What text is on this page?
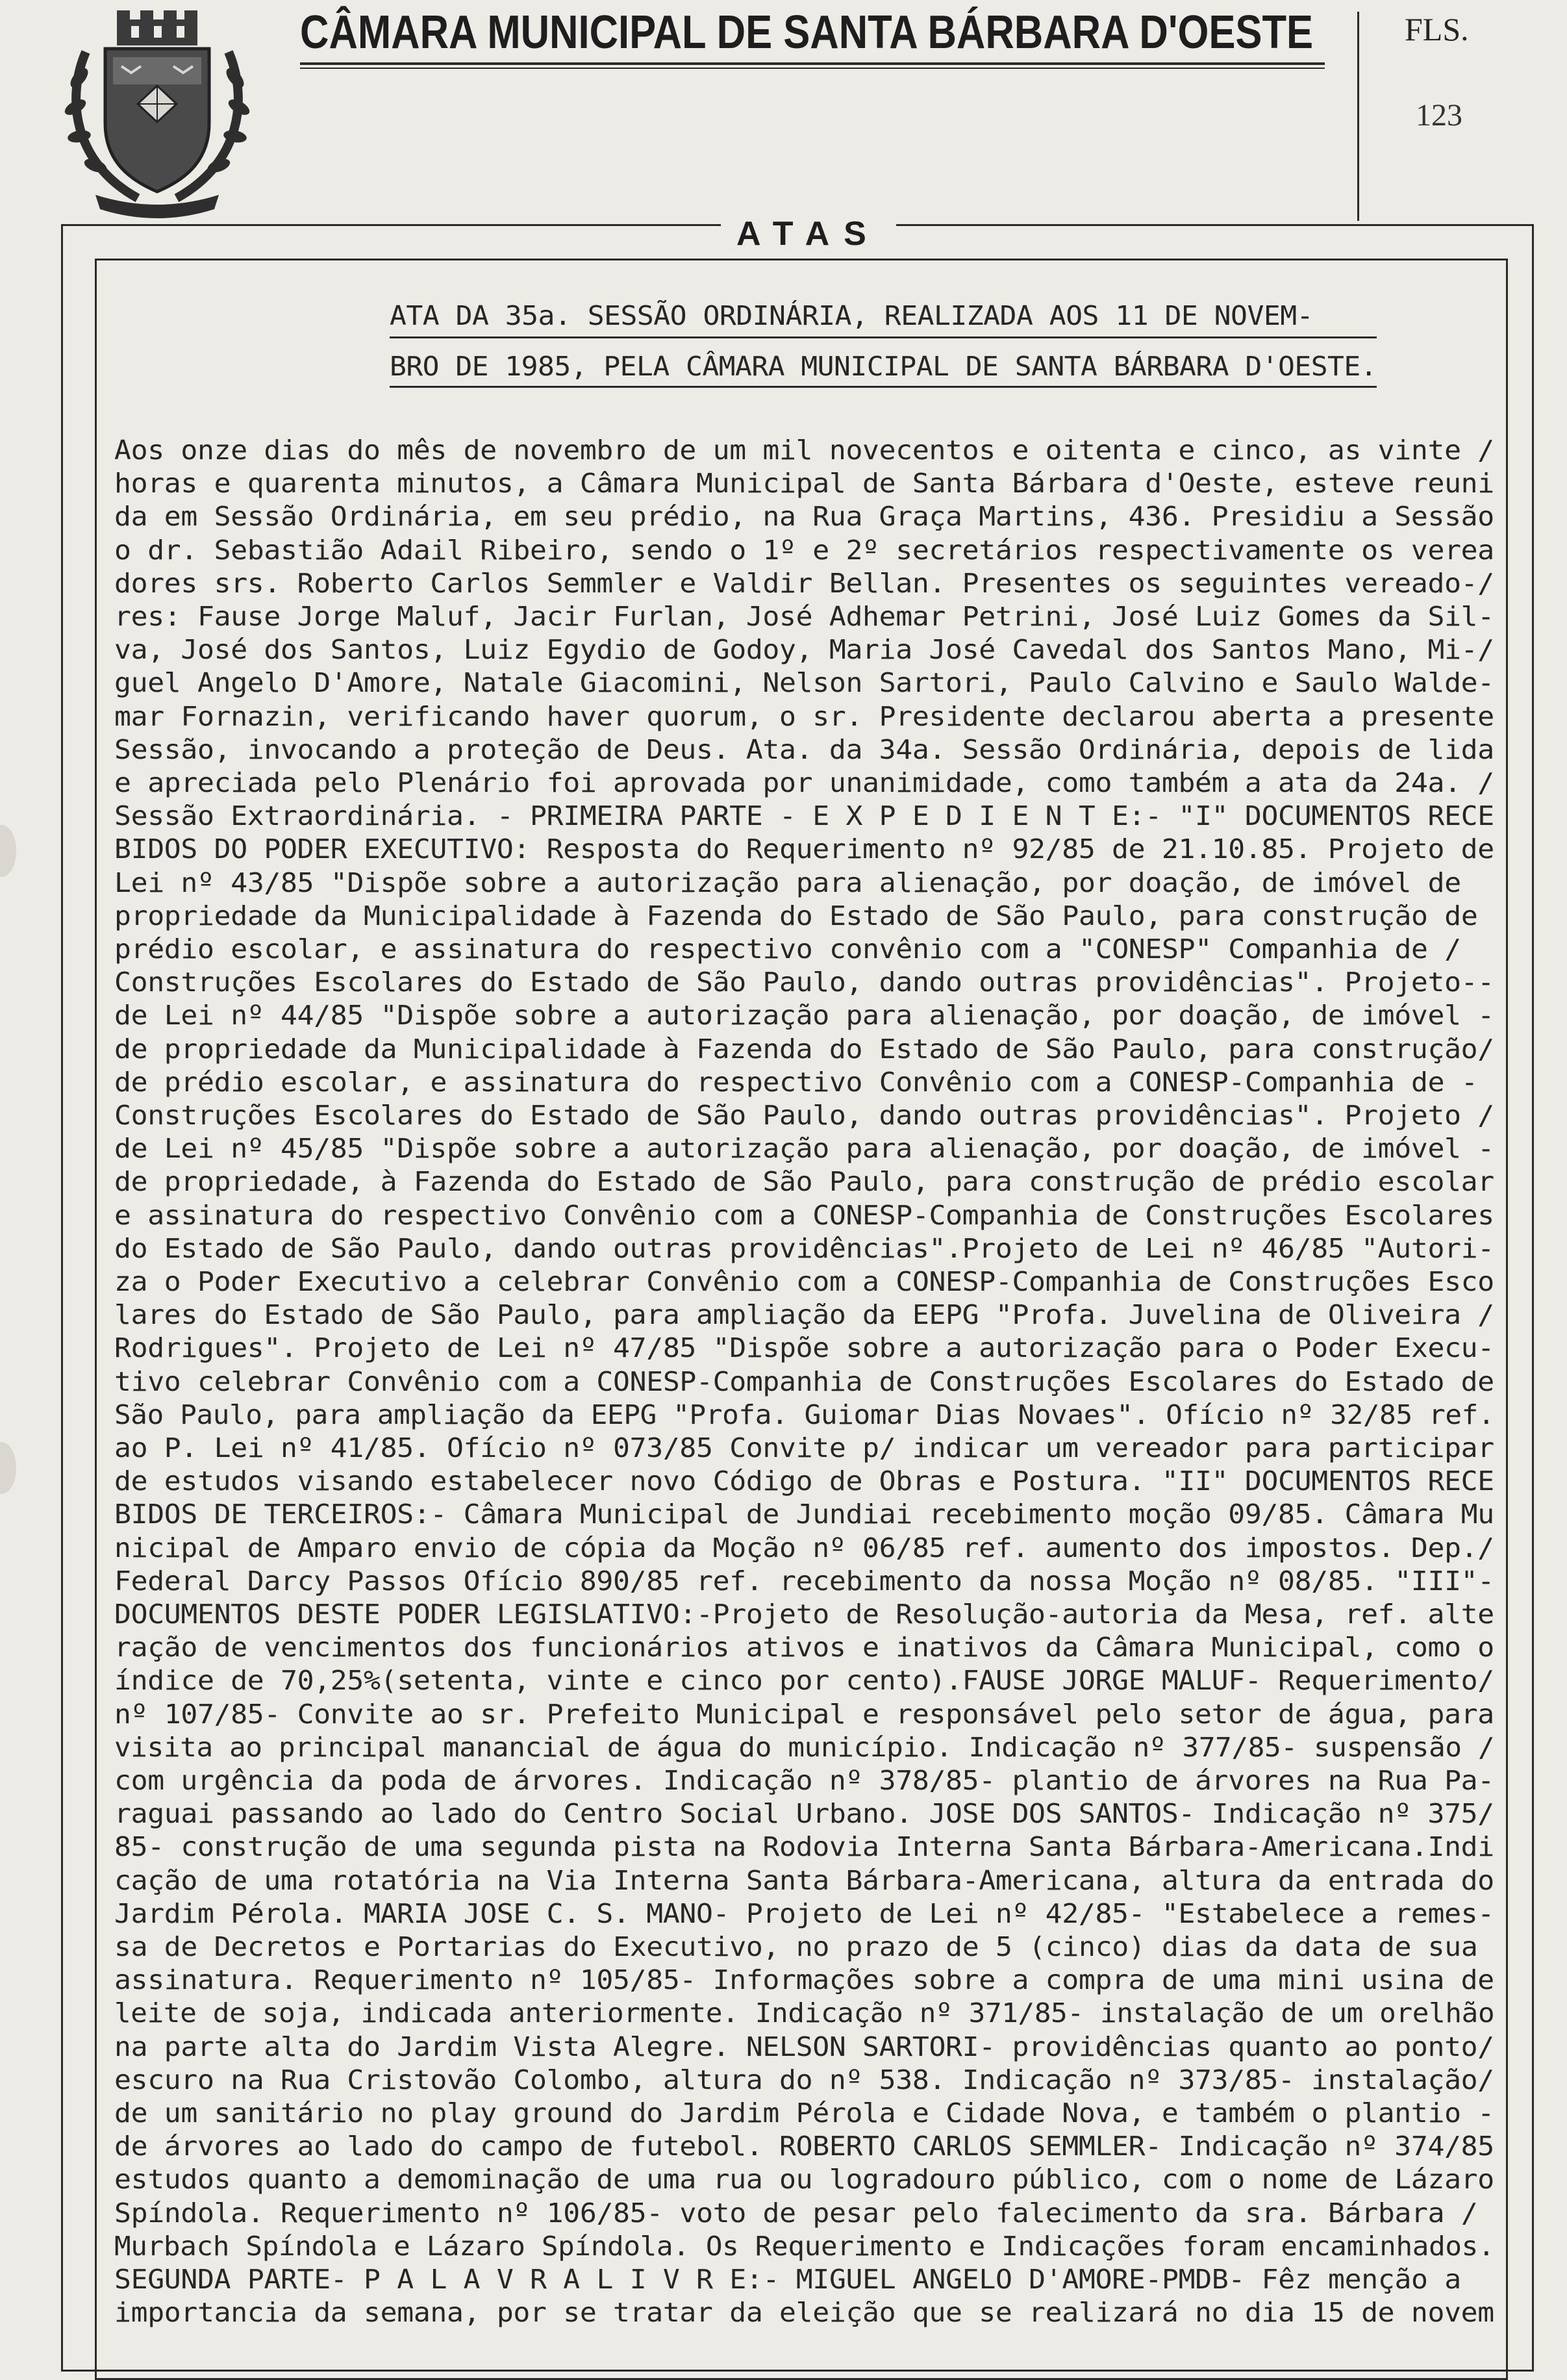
CÂMARA MUNICIPAL DE SANTA BÁRBARA D'OESTE	FLS.
123
ATAS
ATA DA 35a. SESSÃO ORDINÁRIA, REALIZADA AOS 11 DE NOVEM-
BRO DE 1985, PELA CÂMARA MUNICIPAL DE SANTA BÁRBARA D'OESTE.
Aos onze dias do mês de novembro de um mil novecentos e oitenta e cinco, as vinte /
horas e quarenta minutos, a Câmara Municipal de Santa Bárbara d'Oeste, esteve reuni
da em Sessão Ordinária, em seu prédio, na Rua Graça Martins, 436. Presidiu a Sessão
o dr. Sebastião Adail Ribeiro, sendo o 1º e 2º secretários respectivamente os verea
dores srs. Roberto Carlos Semmler e Valdir Bellan. Presentes os seguintes vereado-/
res: Fause Jorge Maluf, Jacir Furlan, José Adhemar Petrini, José Luiz Gomes da Sil-
va, José dos Santos, Luiz Egydio de Godoy, Maria José Cavedal dos Santos Mano, Mi-/
guel Angelo D'Amore, Natale Giacomini, Nelson Sartori, Paulo Calvino e Saulo Walde-
mar Fornazin, verificando haver quorum, o sr. Presidente declarou aberta a presente
Sessão, invocando a proteção de Deus. Ata. da 34a. Sessão Ordinária, depois de lida
e apreciada pelo Plenário foi aprovada por unanimidade, como também a ata da 24a. /
Sessão Extraordinária. - PRIMEIRA PARTE - E X P E D I E N T E:- "I" DOCUMENTOS RECE
BIDOS DO PODER EXECUTIVO: Resposta do Requerimento nº 92/85 de 21.10.85. Projeto de
Lei nº 43/85 "Dispõe sobre a autorização para alienação, por doação, de imóvel de
propriedade da Municipalidade à Fazenda do Estado de São Paulo, para construção de
prédio escolar, e assinatura do respectivo convênio com a "CONESP" Companhia de /
Construções Escolares do Estado de São Paulo, dando outras providências". Projeto--
de Lei nº 44/85 "Dispõe sobre a autorização para alienação, por doação, de imóvel -
de propriedade da Municipalidade à Fazenda do Estado de São Paulo, para construção/
de prédio escolar, e assinatura do respectivo Convênio com a CONESP-Companhia de -
Construções Escolares do Estado de São Paulo, dando outras providências". Projeto /
de Lei nº 45/85 "Dispõe sobre a autorização para alienação, por doação, de imóvel -
de propriedade, à Fazenda do Estado de São Paulo, para construção de prédio escolar
e assinatura do respectivo Convênio com a CONESP-Companhia de Construções Escolares
do Estado de São Paulo, dando outras providências".Projeto de Lei nº 46/85 "Autori-
za o Poder Executivo a celebrar Convênio com a CONESP-Companhia de Construções Esco
lares do Estado de São Paulo, para ampliação da EEPG "Profa. Juvelina de Oliveira /
Rodrigues". Projeto de Lei nº 47/85 "Dispõe sobre a autorização para o Poder Execu-
tivo celebrar Convênio com a CONESP-Companhia de Construções Escolares do Estado de
São Paulo, para ampliação da EEPG "Profa. Guiomar Dias Novaes". Ofício nº 32/85 ref.
ao P. Lei nº 41/85. Ofício nº 073/85 Convite p/ indicar um vereador para participar
de estudos visando estabelecer novo Código de Obras e Postura. "II" DOCUMENTOS RECE
BIDOS DE TERCEIROS:- Câmara Municipal de Jundiai recebimento moção 09/85. Câmara Mu
nicipal de Amparo envio de cópia da Moção nº 06/85 ref. aumento dos impostos. Dep./
Federal Darcy Passos Ofício 890/85 ref. recebimento da nossa Moção nº 08/85. "III"-
DOCUMENTOS DESTE PODER LEGISLATIVO:-Projeto de Resolução-autoria da Mesa, ref. alte
ração de vencimentos dos funcionários ativos e inativos da Câmara Municipal, como o
índice de 70,25%(setenta, vinte e cinco por cento).FAUSE JORGE MALUF- Requerimento/
nº 107/85- Convite ao sr. Prefeito Municipal e responsável pelo setor de água, para
visita ao principal manancial de água do município. Indicação nº 377/85- suspensão /
com urgência da poda de árvores. Indicação nº 378/85- plantio de árvores na Rua Pa-
raguai passando ao lado do Centro Social Urbano. JOSE DOS SANTOS- Indicação nº 375/
85- construção de uma segunda pista na Rodovia Interna Santa Bárbara-Americana.Indi
cação de uma rotatória na Via Interna Santa Bárbara-Americana, altura da entrada do
Jardim Pérola. MARIA JOSE C. S. MANO- Projeto de Lei nº 42/85- "Estabelece a remes-
sa de Decretos e Portarias do Executivo, no prazo de 5 (cinco) dias da data de sua
assinatura. Requerimento nº 105/85- Informações sobre a compra de uma mini usina de
leite de soja, indicada anteriormente. Indicação nº 371/85- instalação de um orelhão
na parte alta do Jardim Vista Alegre. NELSON SARTORI- providências quanto ao ponto/
escuro na Rua Cristovão Colombo, altura do nº 538. Indicação nº 373/85- instalação/
de um sanitário no play ground do Jardim Pérola e Cidade Nova, e também o plantio -
de árvores ao lado do campo de futebol. ROBERTO CARLOS SEMMLER- Indicação nº 374/85
estudos quanto a demominação de uma rua ou logradouro público, com o nome de Lázaro
Spíndola. Requerimento nº 106/85- voto de pesar pelo falecimento da sra. Bárbara /
Murbach Spíndola e Lázaro Spíndola. Os Requerimento e Indicações foram encaminhados.
SEGUNDA PARTE- P A L A V R A L I V R E:- MIGUEL ANGELO D'AMORE-PMDB- Fêz menção a
importancia da semana, por se tratar da eleição que se realizará no dia 15 de novem
